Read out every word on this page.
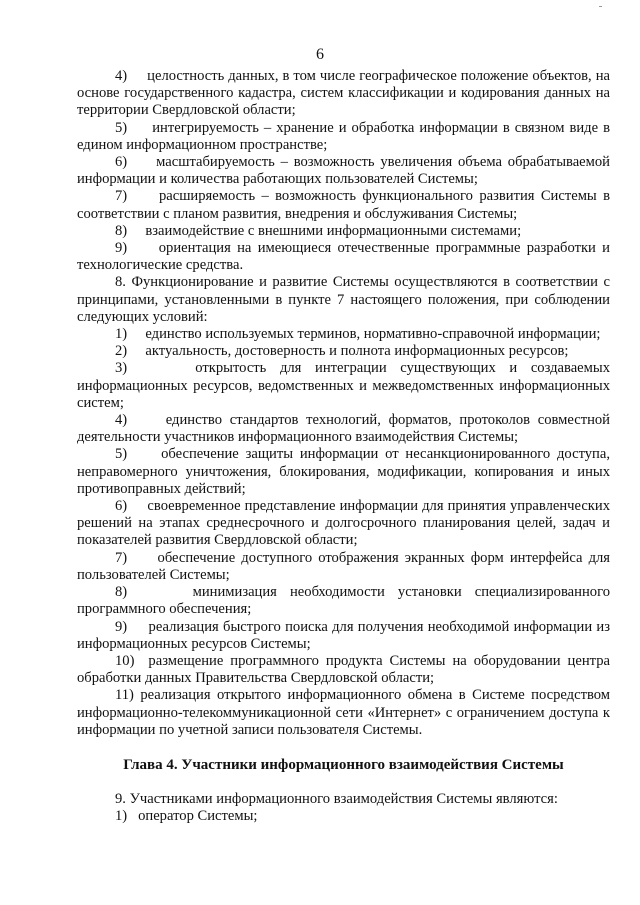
6

4)     целостность данных, в том числе географическое положение объектов, на основе государственного кадастра, систем классификации и кодирования данных на территории Свердловской области;

5)     интегрируемость – хранение и обработка информации в связном виде в едином информационном пространстве;

6)     масштабируемость – возможность увеличения объема обрабатываемой информации и количества работающих пользователей Системы;

7)     расширяемость – возможность функционального развития Системы в соответствии с планом развития, внедрения и обслуживания Системы;

8)     взаимодействие с внешними информационными системами;

9)     ориентация на имеющиеся отечественные программные разработки и технологические средства.

8. Функционирование и развитие Системы осуществляются в соответствии с принципами, установленными в пункте 7 настоящего положения, при соблюдении следующих условий:

1)     единство используемых терминов, нормативно-справочной информации;

2)     актуальность, достоверность и полнота информационных ресурсов;

3)     открытость для интеграции существующих и создаваемых информационных ресурсов, ведомственных и межведомственных информационных систем;

4)     единство стандартов технологий, форматов, протоколов совместной деятельности участников информационного взаимодействия Системы;

5)     обеспечение защиты информации от несанкционированного доступа, неправомерного уничтожения, блокирования, модификации, копирования и иных противоправных действий;

6)     своевременное представление информации для принятия управленческих решений на этапах среднесрочного и долгосрочного планирования целей, задач и показателей развития Свердловской области;

7)     обеспечение доступного отображения экранных форм интерфейса для пользователей Системы;

8)     минимизация необходимости установки специализированного программного обеспечения;

9)     реализация быстрого поиска для получения необходимой информации из информационных ресурсов Системы;

10)  размещение программного продукта Системы на оборудовании центра обработки данных Правительства Свердловской области;

11) реализация открытого информационного обмена в Системе посредством информационно-телекоммуникационной сети «Интернет» с ограничением доступа к информации по учетной записи пользователя Системы.

Глава 4. Участники информационного взаимодействия Системы

9. Участниками информационного взаимодействия Системы являются:

1)   оператор Системы;
